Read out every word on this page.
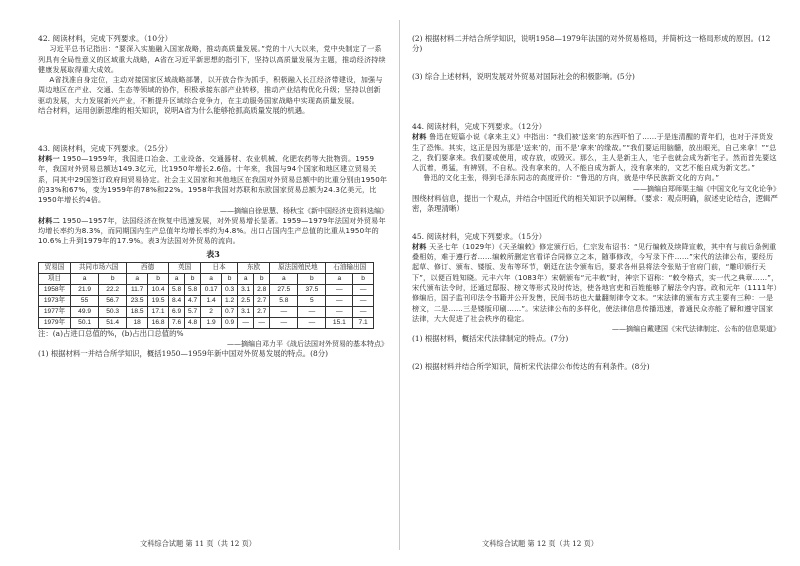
42. 阅读材料，完成下列要求。（10分）

习近平总书记指出：“要深入实施融入国家战略，推动高质量发展。”党的十八大以来，党中央制定了一系列具有全局性意义的区域重大战略，A省在习近平新思想的指引下，坚持以高质量发展为主题，推动经济持续健康发展取得重大成效。

A省找准自身定位，主动对接国家区域战略部署，以开放合作为抓手，积极融入长江经济带建设，加强与周边地区在产业、交通、生态等领域的协作，积极承接东部产业转移，推动产业结构优化升级；坚持以创新驱动发展，大力发展新兴产业，不断提升区域综合竞争力，在主动服务国家战略中实现高质量发展。

结合材料，运用创新思维的相关知识，说明A省为什么能够抢抓高质量发展的机遇。

43. 阅读材料，完成下列要求。（25分）

材料一 1950—1959年，我国进口冶金、工业设备、交通器材、农业机械、化肥农药等大批物资。1959年，我国对外贸易总额达149.3亿元，比1950年增长2.6倍。十年来，我国与94个国家和地区建立贸易关系，同其中29国签订政府间贸易协定。社会主义国家和其他地区在我国对外贸易总额中的比重分别由1950年的33%和67%，变为1959年的78%和22%。1958年我国对苏联和东欧国家贸易总额为24.3亿美元，比1950年增长约4倍。

——摘编自徐思慧、杨秋宝《新中国经济史资料选编》

材料二 1950—1957年，法国经济在恢复中迅速发展，对外贸易增长显著。1959—1979年法国对外贸易年均增长率约为8.3%，而同期国内生产总值年均增长率约为4.8%。出口占国内生产总值的比重从1950年的10.6%上升到1979年的17.9%。表3为法国对外贸易的流向。

表3
贸易国	共同市场六国		西德		英国		日本		东欧		原法国殖民地		石油输出国	
项目	a	b	a	b	a	b	a	b	a	b	a	b	a	b
1958年	21.9	22.2	11.7	10.4	5.8	5.8	0.17	0.3	3.1	2.8	27.5	37.5	—	—
1973年	55	56.7	23.5	19.5	8.4	4.7	1.4	1.2	2.5	2.7	5.8	5	—	—
1977年	49.9	50.3	18.5	17.1	6.9	5.7	2	0.7	3.1	2.7	—	—	—	—
1979年	50.1	51.4	18	16.8	7.6	4.8	1.9	0.9	—	—	—	—	15.1	7.1

注：(a)占进口总值的%，(b)占出口总值的%

——摘编自邓力平《战后法国对外贸易的基本特点》

(1) 根据材料一并结合所学知识，概括1950—1959年新中国对外贸易发展的特点。(8分)

文科综合试题 第 11 页（共 12 页）

(2) 根据材料二并结合所学知识，说明1958—1979年法国的对外贸易格局，并简析这一格局形成的原因。(12分)

(3) 综合上述材料，说明发展对外贸易对国际社会的积极影响。(5分)

44. 阅读材料，完成下列要求。（12分）

材料 鲁迅在短篇小说《拿来主义》中指出：“我们被‘送来’的东西吓怕了……于是连清醒的青年们，也对于洋货发生了恐怖。其实，这正是因为那是‘送来’的，而不是‘拿来’的缘故。”“我们要运用脑髓，放出眼光，自己来拿！”“总之，我们要拿来。我们要或使用，或存放，或毁灭。那么，主人是新主人，宅子也就会成为新宅子。然而首先要这人沉着，勇猛，有辨别，不自私。没有拿来的，人不能自成为新人，没有拿来的，文艺不能自成为新文艺。”

鲁迅的文化主张，得到毛泽东同志的高度评价：“鲁迅的方向，就是中华民族新文化的方向。”

——摘编自郑师渠主编《中国文化与文化论争》

围绕材料信息，提出一个观点，并结合中国近代的相关知识予以阐释。（要求：观点明确，叙述史论结合，逻辑严密，条理清晰）

45. 阅读材料，完成下列要求。（15分）

材料 天圣七年（1029年）《天圣编敕》修定颁行后，仁宗发布诏书：“见行编敕及续降宣敕，其中有与前后条例重叠相妨，难于遵行者……编敕所删定官看详合同修立之本，随事修改，今写录下件……”宋代的法律公布，要经历起草、修订、颁布、镂版、发布等环节，朝廷在法令颁布后，要求各州县将法令张贴于官府门前，“雕印颁行天下”，以便百姓知晓。元丰六年（1083年）宋朝颁布“元丰敕”时，神宗下诏称：“敕令格式，实一代之典章……”，宋代颁布法令时，还通过邸报、榜文等形式及时传达，使各地官吏和百姓能够了解法令内容。政和元年（1111年）修编后，国子监刊印法令书籍并公开发售，民间书坊也大量翻刻律令文本。“宋法律的颁布方式主要有三种：一是榜文，二是……三是镂版印刷……”。宋法律公布的多样化，使法律信息传播迅速，普通民众亦能了解和遵守国家法律，大大促进了社会秩序的稳定。

——摘编自戴建国《宋代法律制定、公布的信息渠道》

(1) 根据材料，概括宋代法律制定的特点。(7分)

(2) 根据材料并结合所学知识，简析宋代法律公布传达的有利条件。(8分)

文科综合试题 第 12 页（共 12 页）
